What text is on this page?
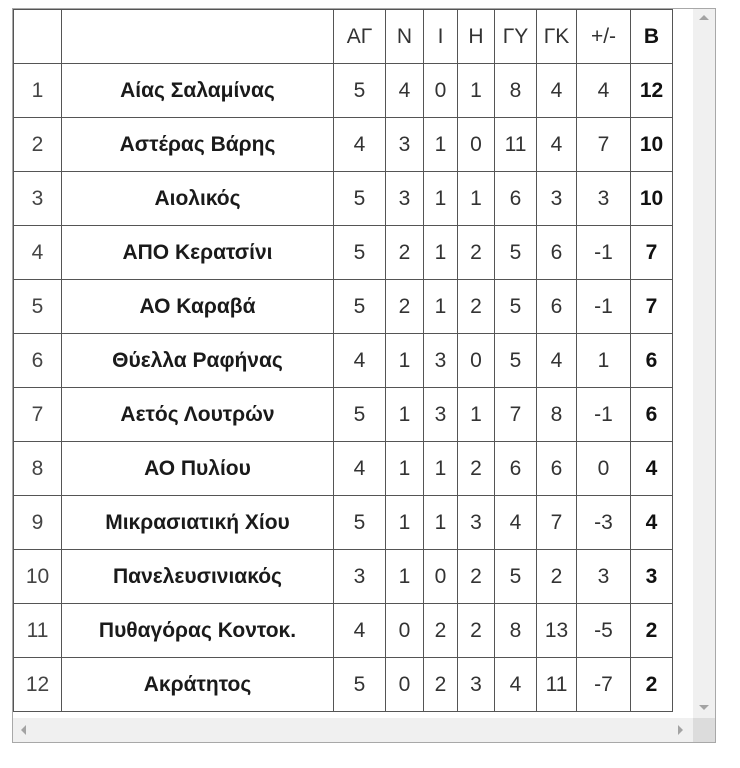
		ΑΓ	Ν	Ι	Η	ΓΥ	ΓΚ	+/-	Β
1	Αίας Σαλαμίνας	5	4	0	1	8	4	4	12
2	Αστέρας Βάρης	4	3	1	0	11	4	7	10
3	Αιολικός	5	3	1	1	6	3	3	10
4	ΑΠΟ Κερατσίνι	5	2	1	2	5	6	-1	7
5	ΑΟ Καραβά	5	2	1	2	5	6	-1	7
6	Θύελλα Ραφήνας	4	1	3	0	5	4	1	6
7	Αετός Λουτρών	5	1	3	1	7	8	-1	6
8	ΑΟ Πυλίου	4	1	1	2	6	6	0	4
9	Μικρασιατική Χίου	5	1	1	3	4	7	-3	4
10	Πανελευσινιακός	3	1	0	2	5	2	3	3
11	Πυθαγόρας Κοντοκ.	4	0	2	2	8	13	-5	2
12	Ακράτητος	5	0	2	3	4	11	-7	2
